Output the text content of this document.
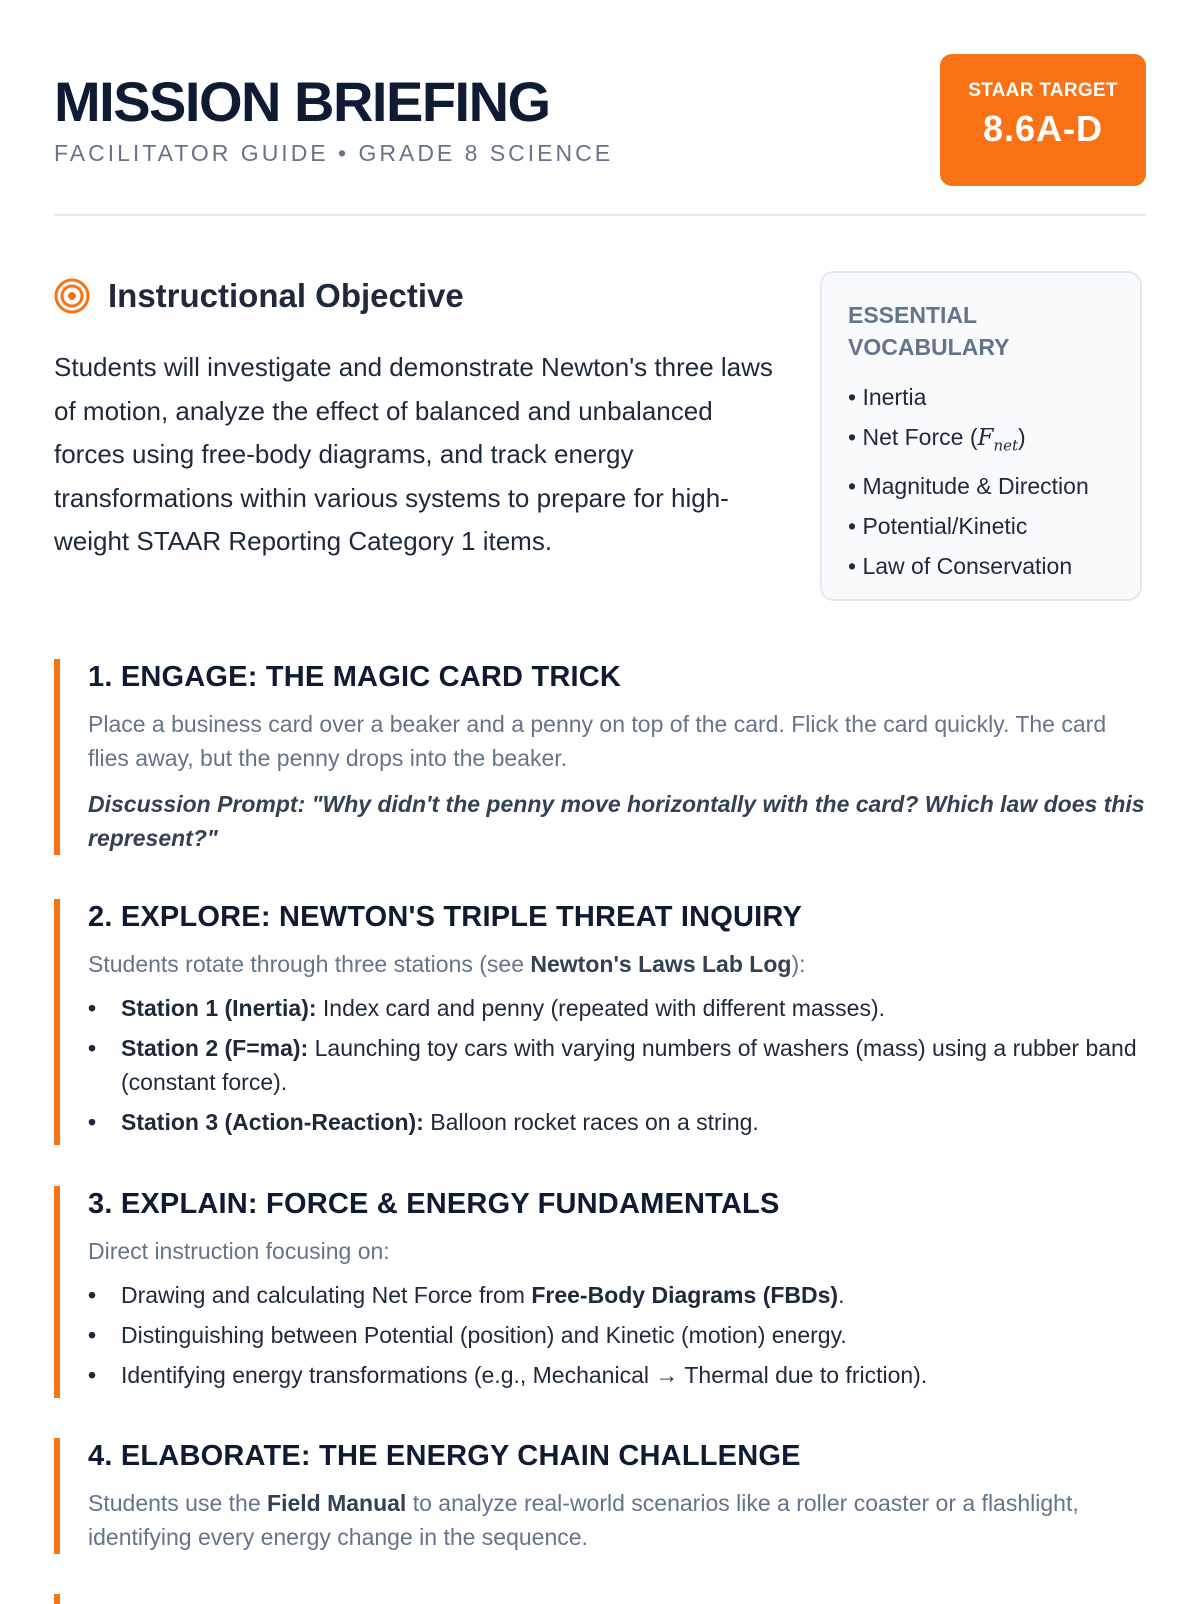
MISSION BRIEFING

FACILITATOR GUIDE • GRADE 8 SCIENCE

STAAR TARGET
8.6A-D
Instructional Objective

Students will investigate and demonstrate Newton's three laws of motion, analyze the effect of balanced and unbalanced forces using free-body diagrams, and track energy transformations within various systems to prepare for high-weight STAAR Reporting Category 1 items.

ESSENTIAL VOCABULARY

• Inertia
• Net Force $(F_{net})$
• Magnitude & Direction
• Potential/Kinetic
• Law of Conservation
1. ENGAGE: THE MAGIC CARD TRICK

Place a business card over a beaker and a penny on top of the card. Flick the card quickly. The card flies away, but the penny drops into the beaker.

Discussion Prompt: "Why didn't the penny move horizontally with the card? Which law does this represent?"

2. EXPLORE: NEWTON'S TRIPLE THREAT INQUIRY

Students rotate through three stations (see Newton's Laws Lab Log):

• Station 1 (Inertia): Index card and penny (repeated with different masses).
• Station 2 (F=ma): Launching toy cars with varying numbers of washers (mass) using a rubber band (constant force).
• Station 3 (Action-Reaction): Balloon rocket races on a string.
3. EXPLAIN: FORCE & ENERGY FUNDAMENTALS

Direct instruction focusing on:

• Drawing and calculating Net Force from Free-Body Diagrams (FBDs).
• Distinguishing between Potential (position) and Kinetic (motion) energy.
• Identifying energy transformations (e.g., Mechanical → Thermal due to friction).
4. ELABORATE: THE ENERGY CHAIN CHALLENGE

Students use the Field Manual to analyze real-world scenarios like a roller coaster or a flashlight, identifying every energy change in the sequence.
